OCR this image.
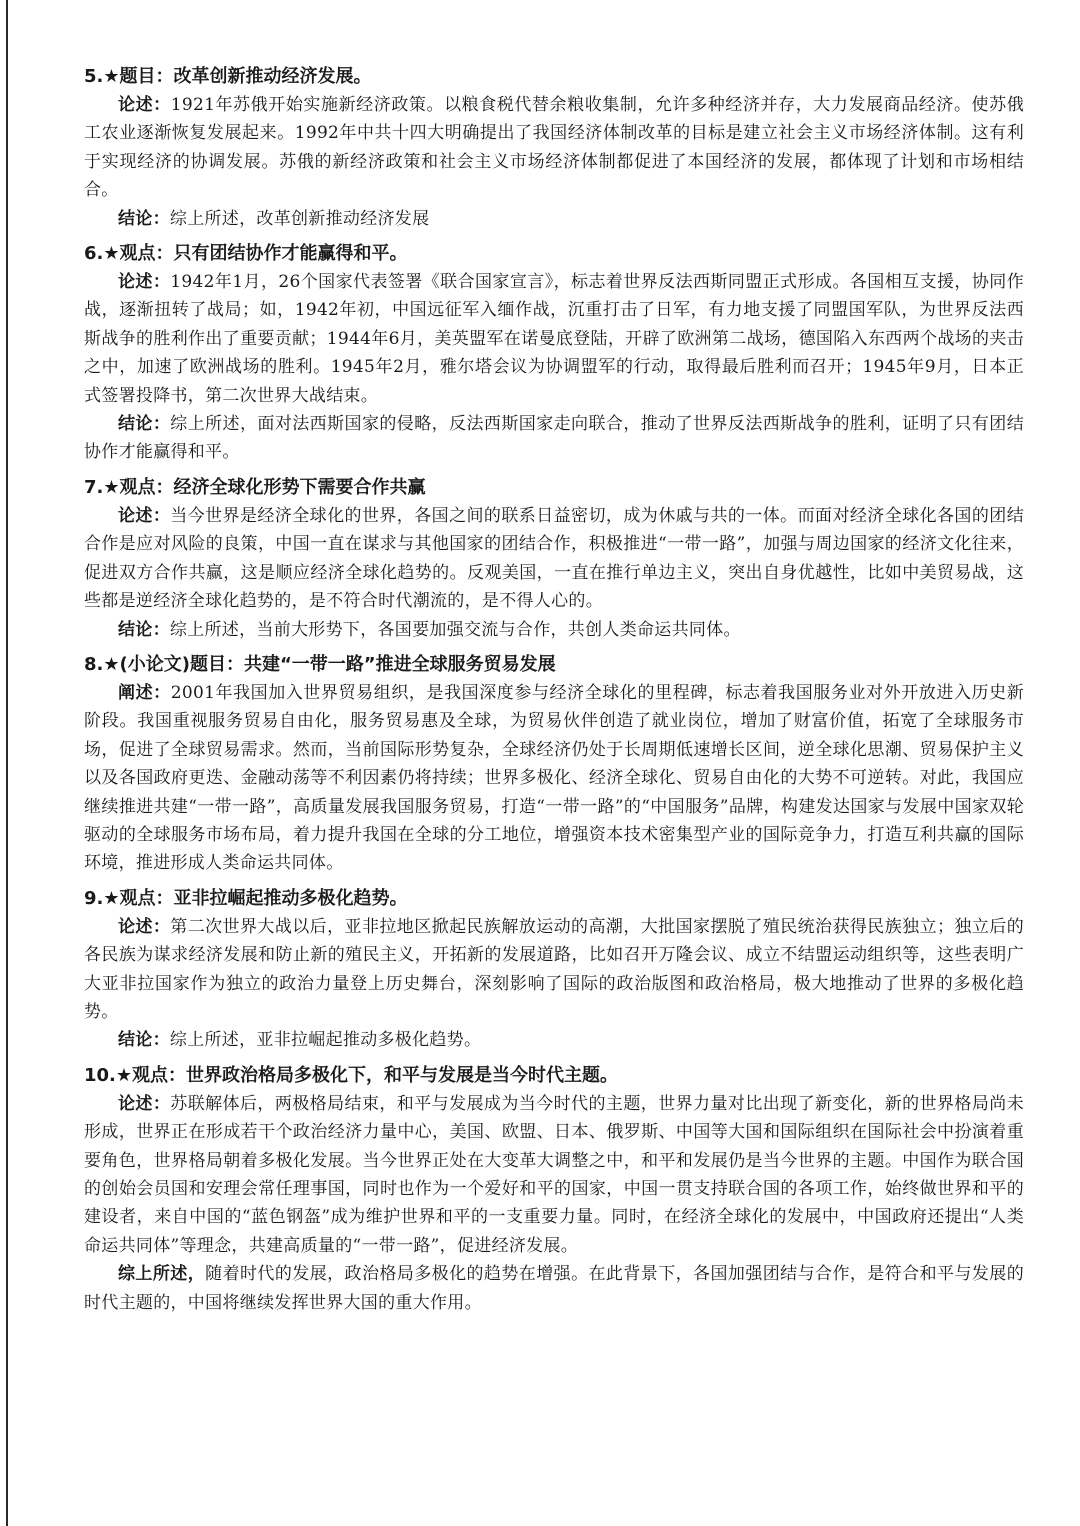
5.★题目：改革创新推动经济发展。

论述：1921年苏俄开始实施新经济政策。以粮食税代替余粮收集制，允许多种经济并存，大力发展商品经济。使苏俄工农业逐渐恢复发展起来。1992年中共十四大明确提出了我国经济体制改革的目标是建立社会主义市场经济体制。这有利于实现经济的协调发展。苏俄的新经济政策和社会主义市场经济体制都促进了本国经济的发展，都体现了计划和市场相结合。

结论：综上所述，改革创新推动经济发展

6.★观点：只有团结协作才能赢得和平。

论述：1942年1月，26个国家代表签署《联合国家宣言》，标志着世界反法西斯同盟正式形成。各国相互支援，协同作战，逐渐扭转了战局；如，1942年初，中国远征军入缅作战，沉重打击了日军，有力地支援了同盟国军队，为世界反法西斯战争的胜利作出了重要贡献；1944年6月，美英盟军在诺曼底登陆，开辟了欧洲第二战场，德国陷入东西两个战场的夹击之中，加速了欧洲战场的胜利。1945年2月，雅尔塔会议为协调盟军的行动，取得最后胜利而召开；1945年9月，日本正式签署投降书，第二次世界大战结束。

结论：综上所述，面对法西斯国家的侵略，反法西斯国家走向联合，推动了世界反法西斯战争的胜利，证明了只有团结协作才能赢得和平。

7.★观点：经济全球化形势下需要合作共赢

论述：当今世界是经济全球化的世界，各国之间的联系日益密切，成为休戚与共的一体。而面对经济全球化各国的团结合作是应对风险的良策，中国一直在谋求与其他国家的团结合作，积极推进“一带一路”，加强与周边国家的经济文化往来，促进双方合作共赢，这是顺应经济全球化趋势的。反观美国，一直在推行单边主义，突出自身优越性，比如中美贸易战，这些都是逆经济全球化趋势的，是不符合时代潮流的，是不得人心的。

结论：综上所述，当前大形势下，各国要加强交流与合作，共创人类命运共同体。

8.★(小论文)题目：共建“一带一路”推进全球服务贸易发展

阐述：2001年我国加入世界贸易组织，是我国深度参与经济全球化的里程碑，标志着我国服务业对外开放进入历史新阶段。我国重视服务贸易自由化，服务贸易惠及全球，为贸易伙伴创造了就业岗位，增加了财富价值，拓宽了全球服务市场，促进了全球贸易需求。然而，当前国际形势复杂，全球经济仍处于长周期低速增长区间，逆全球化思潮、贸易保护主义以及各国政府更迭、金融动荡等不利因素仍将持续；世界多极化、经济全球化、贸易自由化的大势不可逆转。对此，我国应继续推进共建“一带一路”，高质量发展我国服务贸易，打造“一带一路”的“中国服务”品牌，构建发达国家与发展中国家双轮驱动的全球服务市场布局，着力提升我国在全球的分工地位，增强资本技术密集型产业的国际竞争力，打造互利共赢的国际环境，推进形成人类命运共同体。

9.★观点：亚非拉崛起推动多极化趋势。

论述：第二次世界大战以后，亚非拉地区掀起民族解放运动的高潮，大批国家摆脱了殖民统治获得民族独立；独立后的各民族为谋求经济发展和防止新的殖民主义，开拓新的发展道路，比如召开万隆会议、成立不结盟运动组织等，这些表明广大亚非拉国家作为独立的政治力量登上历史舞台，深刻影响了国际的政治版图和政治格局，极大地推动了世界的多极化趋势。

结论：综上所述，亚非拉崛起推动多极化趋势。

10.★观点：世界政治格局多极化下，和平与发展是当今时代主题。

论述：苏联解体后，两极格局结束，和平与发展成为当今时代的主题，世界力量对比出现了新变化，新的世界格局尚未形成，世界正在形成若干个政治经济力量中心，美国、欧盟、日本、俄罗斯、中国等大国和国际组织在国际社会中扮演着重要角色，世界格局朝着多极化发展。当今世界正处在大变革大调整之中，和平和发展仍是当今世界的主题。中国作为联合国的创始会员国和安理会常任理事国，同时也作为一个爱好和平的国家，中国一贯支持联合国的各项工作，始终做世界和平的建设者，来自中国的“蓝色钢盔”成为维护世界和平的一支重要力量。同时，在经济全球化的发展中，中国政府还提出“人类命运共同体”等理念，共建高质量的“一带一路”，促进经济发展。

综上所述，随着时代的发展，政治格局多极化的趋势在增强。在此背景下，各国加强团结与合作，是符合和平与发展的时代主题的，中国将继续发挥世界大国的重大作用。
